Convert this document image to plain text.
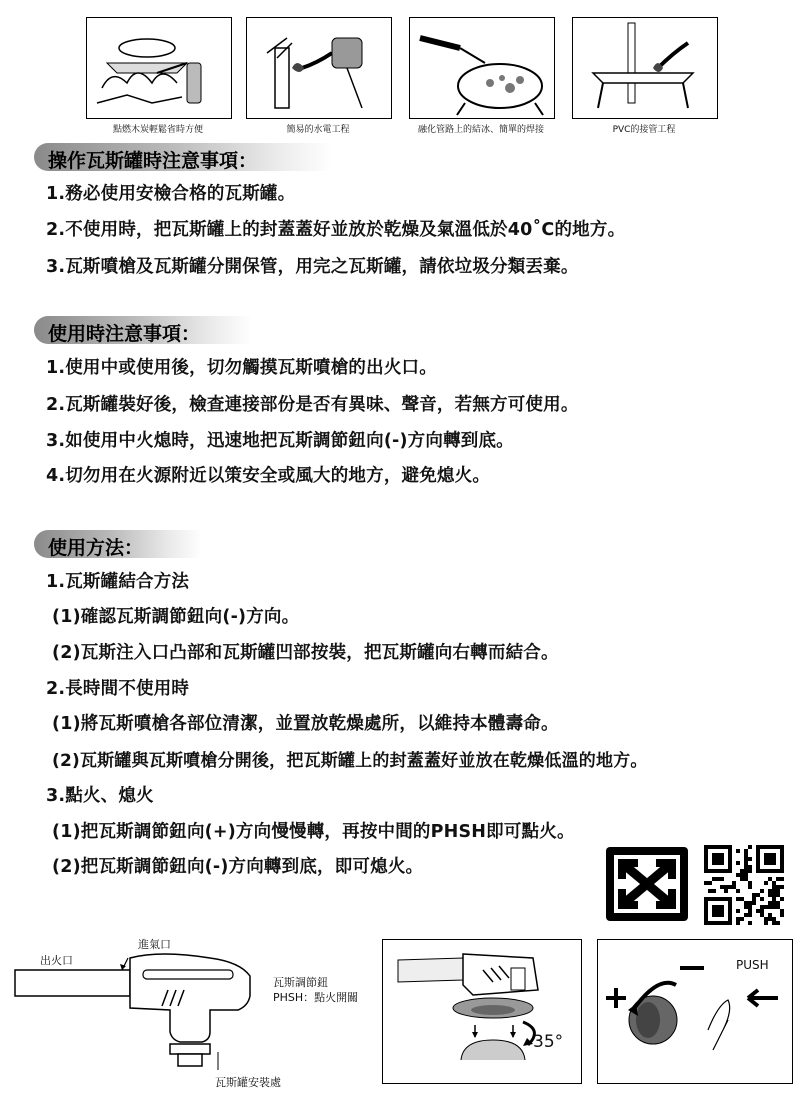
點燃木炭輕鬆省時方便	簡易的水電工程	融化管路上的結冰、簡單的焊接	PVC的接管工程
操作瓦斯罐時注意事項：
1.務必使用安檢合格的瓦斯罐。
2.不使用時，把瓦斯罐上的封蓋蓋好並放於乾燥及氣溫低於40˚C的地方。
3.瓦斯噴槍及瓦斯罐分開保管，用完之瓦斯罐，請依垃圾分類丟棄。
使用時注意事項：
1.使用中或使用後，切勿觸摸瓦斯噴槍的出火口。
2.瓦斯罐裝好後，檢查連接部份是否有異味、聲音，若無方可使用。
3.如使用中火熄時，迅速地把瓦斯調節鈕向(-)方向轉到底。
4.切勿用在火源附近以策安全或風大的地方，避免熄火。
使用方法：
1.瓦斯罐結合方法
(1)確認瓦斯調節鈕向(-)方向。
(2)瓦斯注入口凸部和瓦斯罐凹部按裝，把瓦斯罐向右轉而結合。
2.長時間不使用時
(1)將瓦斯噴槍各部位清潔，並置放乾燥處所，以維持本體壽命。
(2)瓦斯罐與瓦斯噴槍分開後，把瓦斯罐上的封蓋蓋好並放在乾燥低溫的地方。
3.點火、熄火
(1)把瓦斯調節鈕向(+)方向慢慢轉，再按中間的PHSH即可點火。
(2)把瓦斯調節鈕向(-)方向轉到底，即可熄火。
出火口
進氣口
瓦斯調節鈕
PHSH：點火開關
瓦斯罐安裝處
35°
PUSH
